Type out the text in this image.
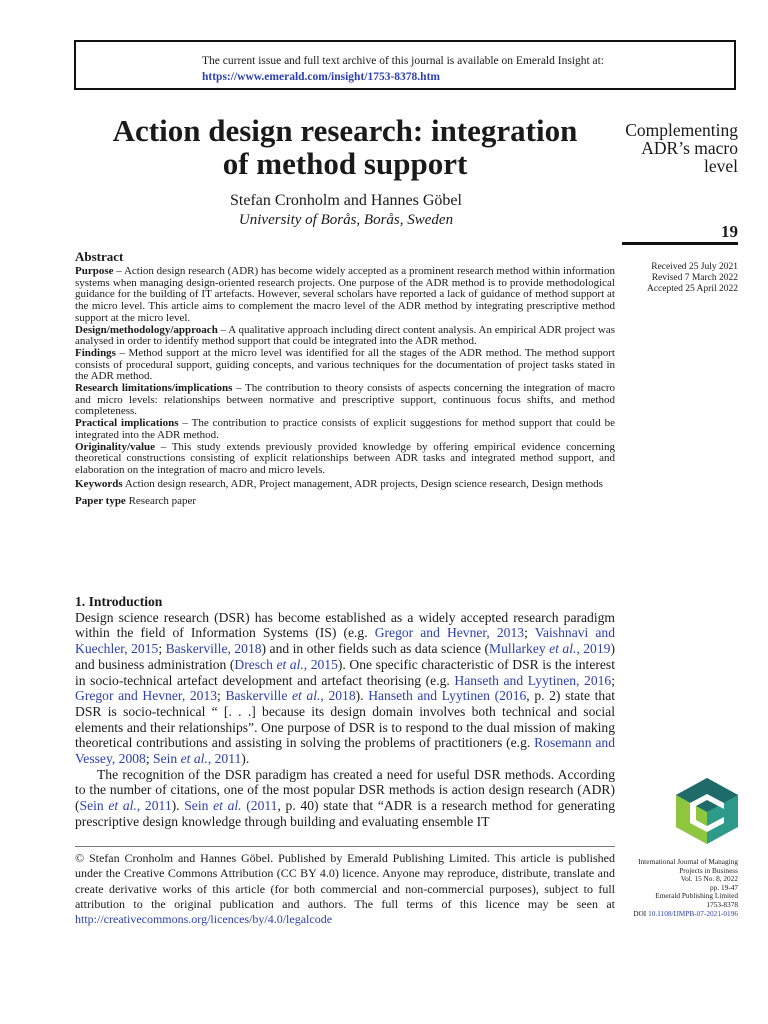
The current issue and full text archive of this journal is available on Emerald Insight at:
https://www.emerald.com/insight/1753-8378.htm
Action design research: integration
of method support
Stefan Cronholm and Hannes Göbel
University of Borås, Borås, Sweden
Complementing
ADR’s macro
level
19
Received 25 July 2021
Revised 7 March 2022
Accepted 25 April 2022
Abstract

Purpose – Action design research (ADR) has become widely accepted as a prominent research method within information systems when managing design-oriented research projects. One purpose of the ADR method is to provide methodological guidance for the building of IT artefacts. However, several scholars have reported a lack of guidance of method support at the micro level. This article aims to complement the macro level of the ADR method by integrating prescriptive method support at the micro level.

Design/methodology/approach – A qualitative approach including direct content analysis. An empirical ADR project was analysed in order to identify method support that could be integrated into the ADR method.

Findings – Method support at the micro level was identified for all the stages of the ADR method. The method support consists of procedural support, guiding concepts, and various techniques for the documentation of project tasks stated in the ADR method.

Research limitations/implications – The contribution to theory consists of aspects concerning the integration of macro and micro levels: relationships between normative and prescriptive support, continuous focus shifts, and method completeness.

Practical implications – The contribution to practice consists of explicit suggestions for method support that could be integrated into the ADR method.

Originality/value – This study extends previously provided knowledge by offering empirical evidence concerning theoretical constructions consisting of explicit relationships between ADR tasks and integrated method support, and elaboration on the integration of macro and micro levels.

Keywords Action design research, ADR, Project management, ADR projects, Design science research, Design methods

Paper type Research paper

1. Introduction

Design science research (DSR) has become established as a widely accepted research paradigm within the field of Information Systems (IS) (e.g. Gregor and Hevner, 2013; Vaishnavi and Kuechler, 2015; Baskerville, 2018) and in other fields such as data science (Mullarkey et al., 2019) and business administration (Dresch et al., 2015). One specific characteristic of DSR is the interest in socio-technical artefact development and artefact theorising (e.g. Hanseth and Lyytinen, 2016; Gregor and Hevner, 2013; Baskerville et al., 2018). Hanseth and Lyytinen (2016, p. 2) state that DSR is socio-technical “ [. . .] because its design domain involves both technical and social elements and their relationships”. One purpose of DSR is to respond to the dual mission of making theoretical contributions and assisting in solving the problems of practitioners (e.g. Rosemann and Vessey, 2008; Sein et al., 2011).

The recognition of the DSR paradigm has created a need for useful DSR methods. According to the number of citations, one of the most popular DSR methods is action design research (ADR) (Sein et al., 2011). Sein et al. (2011, p. 40) state that “ADR is a research method for generating prescriptive design knowledge through building and evaluating ensemble IT

© Stefan Cronholm and Hannes Göbel. Published by Emerald Publishing Limited. This article is published under the Creative Commons Attribution (CC BY 4.0) licence. Anyone may reproduce, distribute, translate and create derivative works of this article (for both commercial and non-commercial purposes), subject to full attribution to the original publication and authors. The full terms of this licence may be seen at http://creativecommons.org/licences/by/4.0/legalcode
International Journal of Managing
Projects in Business
Vol. 15 No. 8, 2022
pp. 19-47
Emerald Publishing Limited
1753-8378
DOI 10.1108/IJMPB-07-2021-0196
